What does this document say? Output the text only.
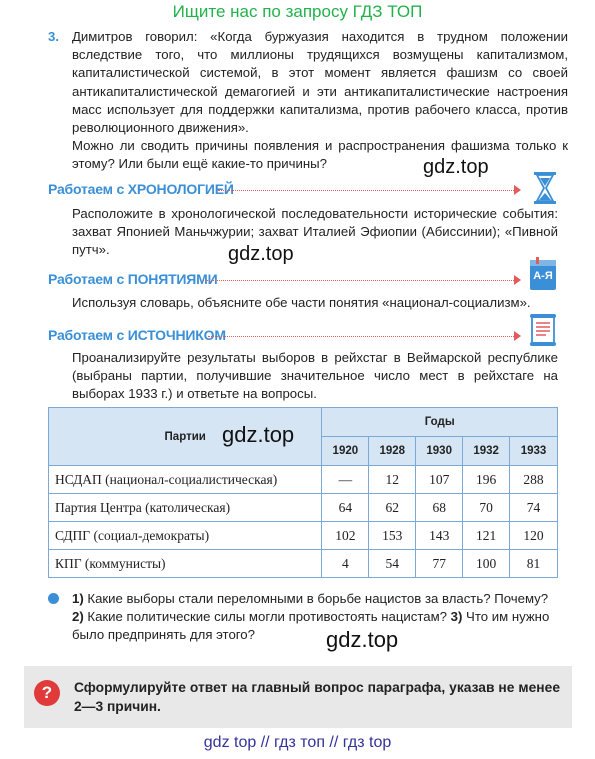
Ищите нас по запросу ГДЗ ТОП
3. Димитров говорил: «Когда буржуазия находится в трудном положении вследствие того, что миллионы трудящихся возмущены капитализмом, капиталистической системой, в этот момент является фашизм со своей антикапиталистической демагогией и эти антикапиталистические настроения масс использует для поддержки капитализма, против рабочего класса, против революционного движения».

Можно ли сводить причины появления и распространения фашизма только к этому? Или были ещё какие-то причины?	gdz.top
Работаем с ХРОНОЛОГИЕЙ
Расположите в хронологической последовательности исторические события: захват Японией Маньчжурии; захват Италией Эфиопии (Абиссинии); «Пивной путч».	gdz.top
Работаем с ПОНЯТИЯМИ	А-Я
Используя словарь, объясните обе части понятия «национал-социализм».
Работаем с ИСТОЧНИКОМ
Проанализируйте результаты выборов в рейхстаг в Веймарской республике (выбраны партии, получившие значительное число мест в рейхстаге на выборах 1933 г.) и ответьте на вопросы.
Партии	Годы				
	1920	1928	1930	1932	1933
НСДАП (национал-социалистическая)	—	12	107	196	288
Партия Центра (католическая)	64	62	68	70	74
СДПГ (социал-демократы)	102	153	143	121	120
КПГ (коммунисты)	4	54	77	100	81
gdz.top
1) Какие выборы стали переломными в борьбе нацистов за власть? Почему?
2) Какие политические силы могли противостоять нацистам? 3) Что им нужно было предпринять для этого?	gdz.top
?	Сформулируйте ответ на главный вопрос параграфа, указав не менее 2—3 причин.
gdz top // гдз топ // гдз top
